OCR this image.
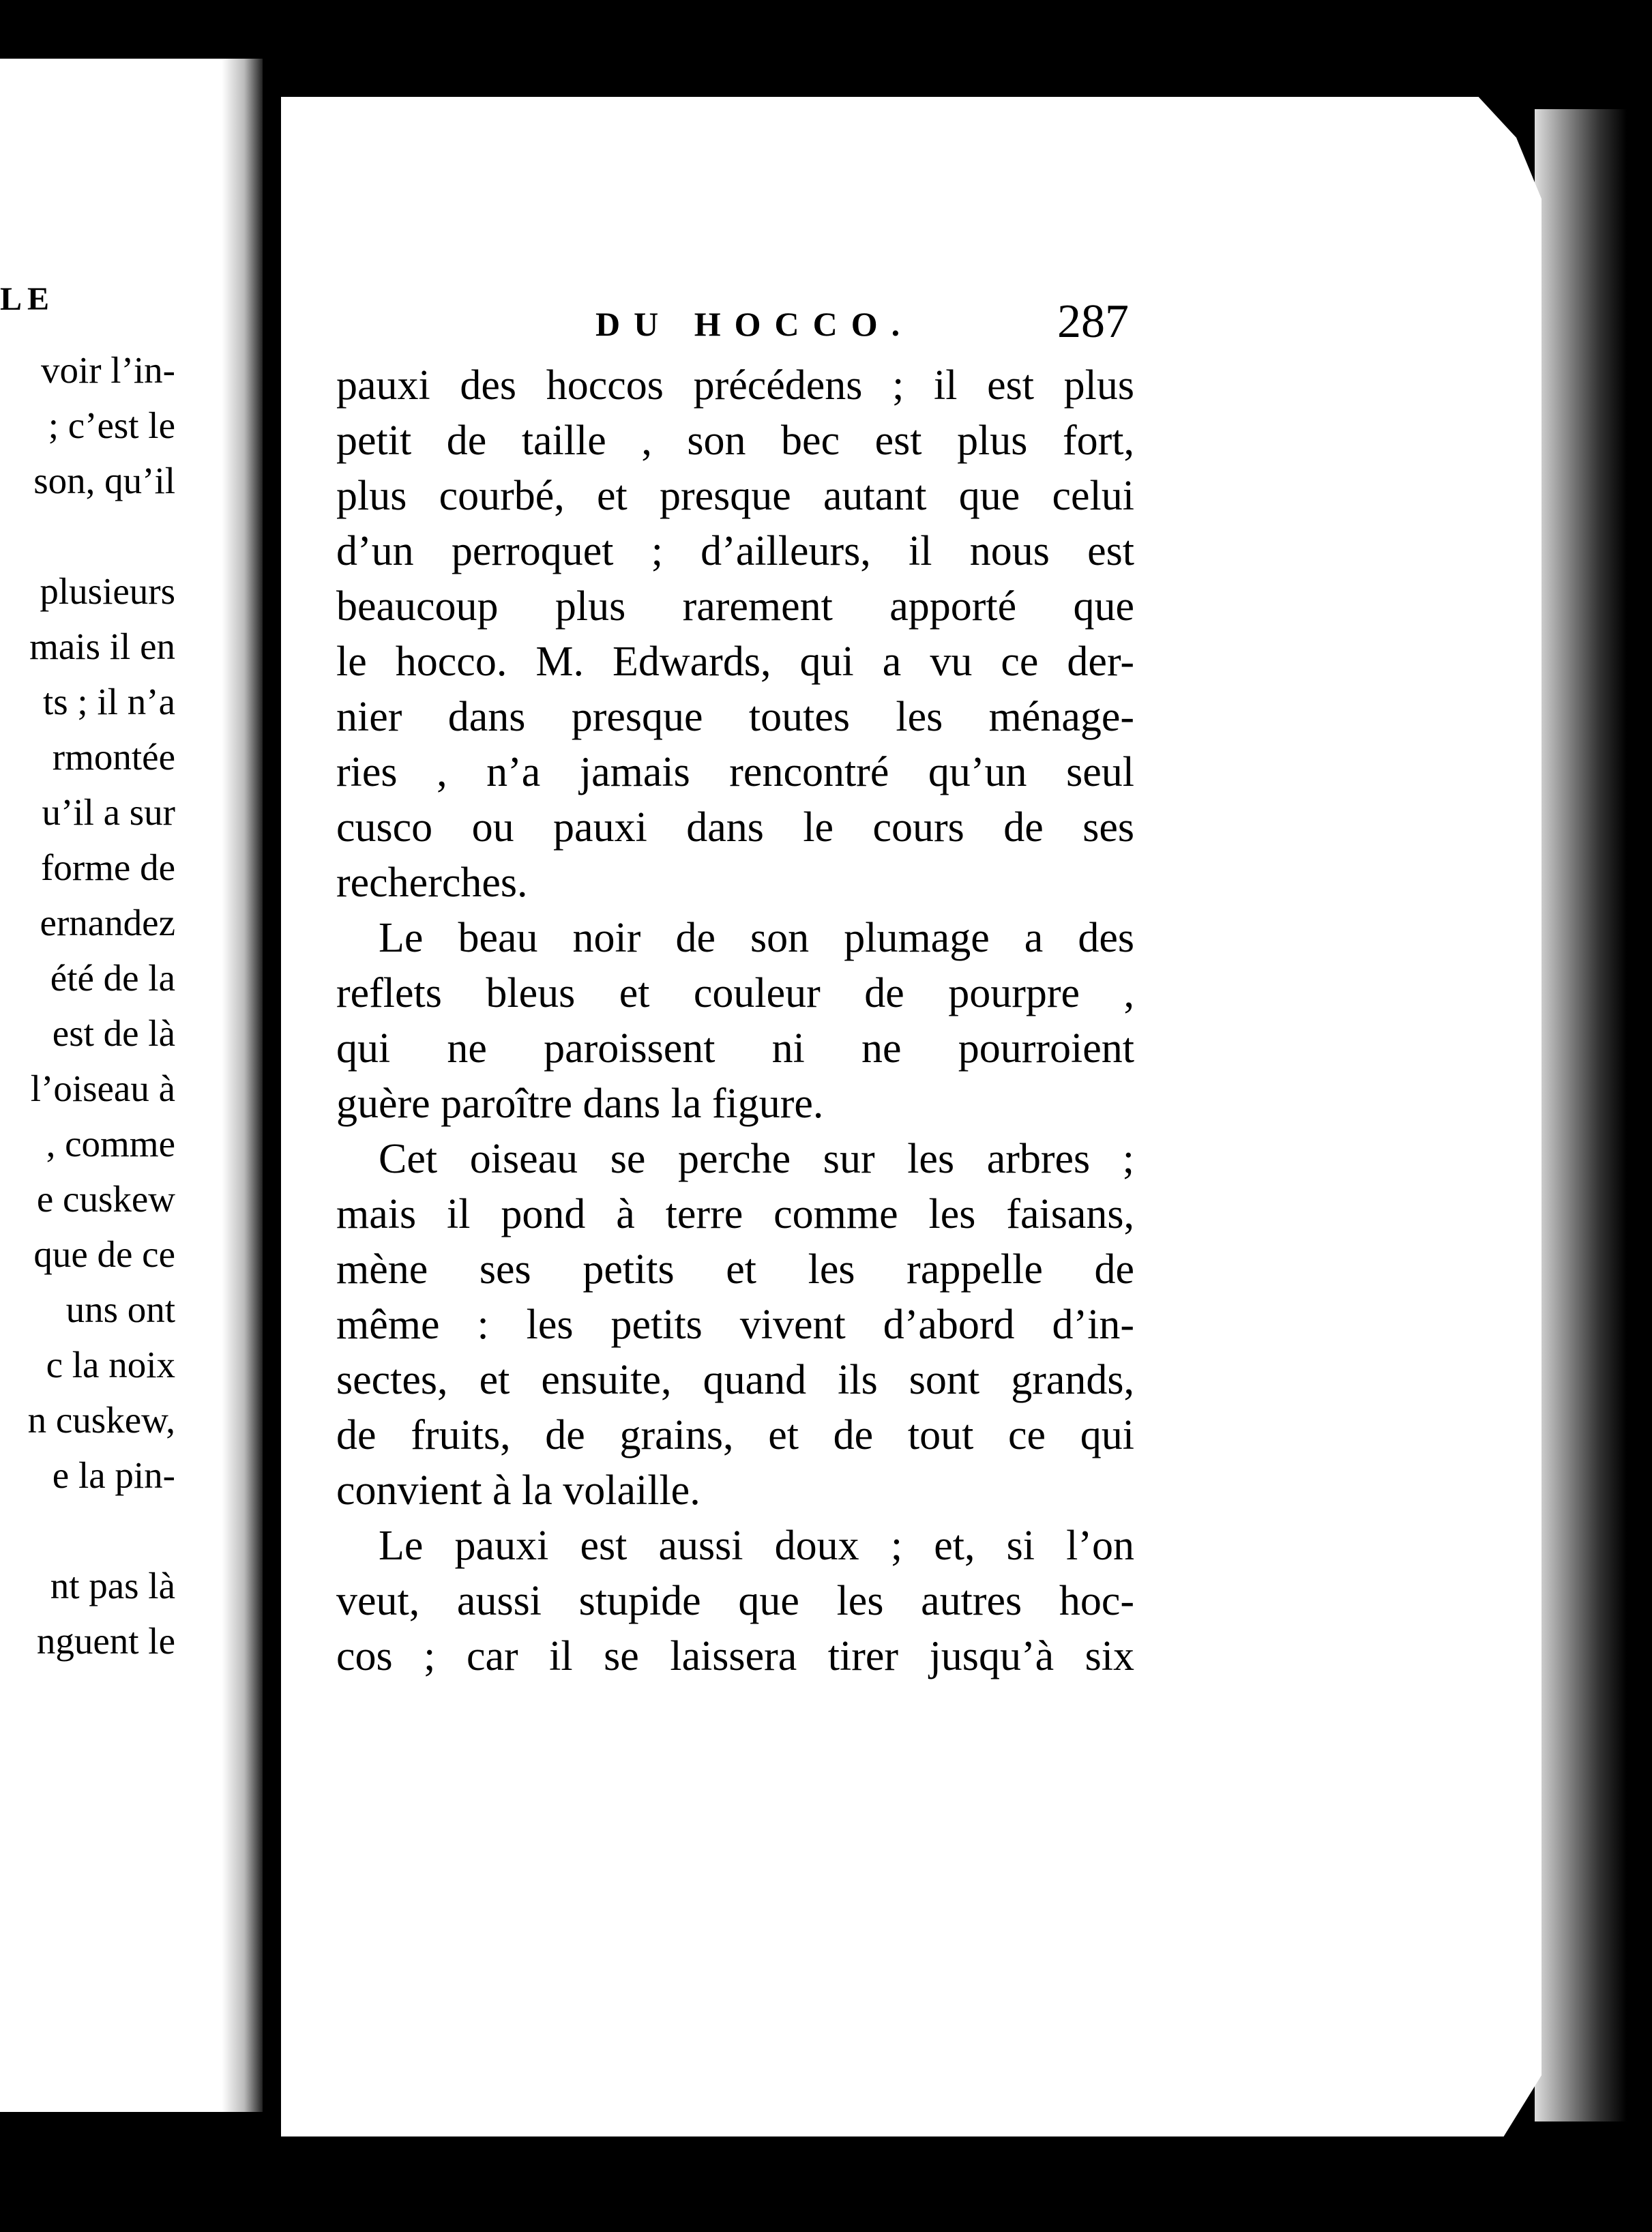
LE
voir l’in-
; c’est le
son, qu’il
plusieurs
mais il en
ts ; il n’a
rmontée
u’il a sur
forme de
ernandez
été de la
est de là
l’oiseau à
, comme
e cuskew
que de ce
uns ont
c la noix
n cuskew,
e la pin-
nt pas là
nguent le
DU HOCCO.	287
pauxi des hoccos précédens ; il est plus
petit de taille , son bec est plus fort,
plus courbé, et presque autant que celui
d’un perroquet ; d’ailleurs, il nous est
beaucoup plus rarement apporté que
le hocco. M. Edwards, qui a vu ce der-
nier dans presque toutes les ménage-
ries , n’a jamais rencontré qu’un seul
cusco ou pauxi dans le cours de ses
recherches.
Le beau noir de son plumage a des
reflets bleus et couleur de pourpre ,
qui ne paroissent ni ne pourroient
guère paroître dans la figure.
Cet oiseau se perche sur les arbres ;
mais il pond à terre comme les faisans,
mène ses petits et les rappelle de
même : les petits vivent d’abord d’in-
sectes, et ensuite, quand ils sont grands,
de fruits, de grains, et de tout ce qui
convient à la volaille.
Le pauxi est aussi doux ; et, si l’on
veut, aussi stupide que les autres hoc-
cos ; car il se laissera tirer jusqu’à six
